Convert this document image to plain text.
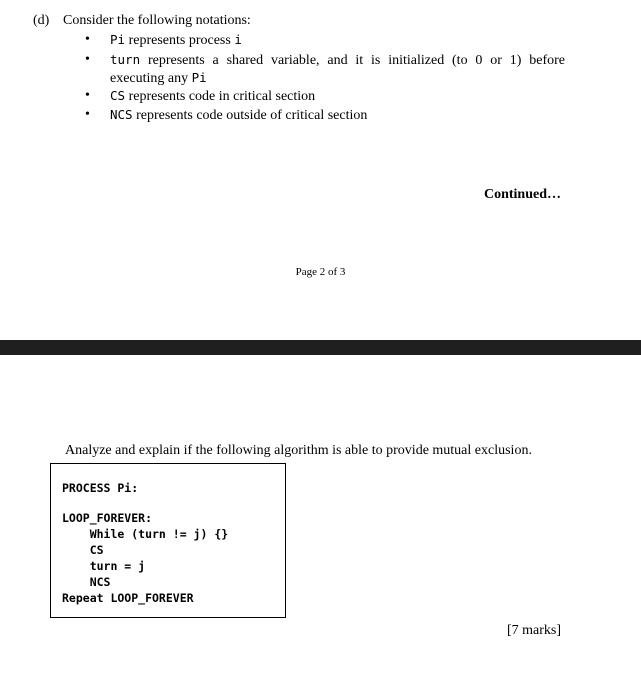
(d) Consider the following notations:
• Pi represents process i
• turn represents a shared variable, and it is initialized (to 0 or 1) before executing any Pi
• CS represents code in critical section
• NCS represents code outside of critical section
Continued…
Page 2 of 3
Analyze and explain if the following algorithm is able to provide mutual exclusion.
PROCESS Pi:
LOOP_FOREVER:
While (turn != j) {}
CS
turn = j
NCS
Repeat LOOP_FOREVER
[7 marks]
